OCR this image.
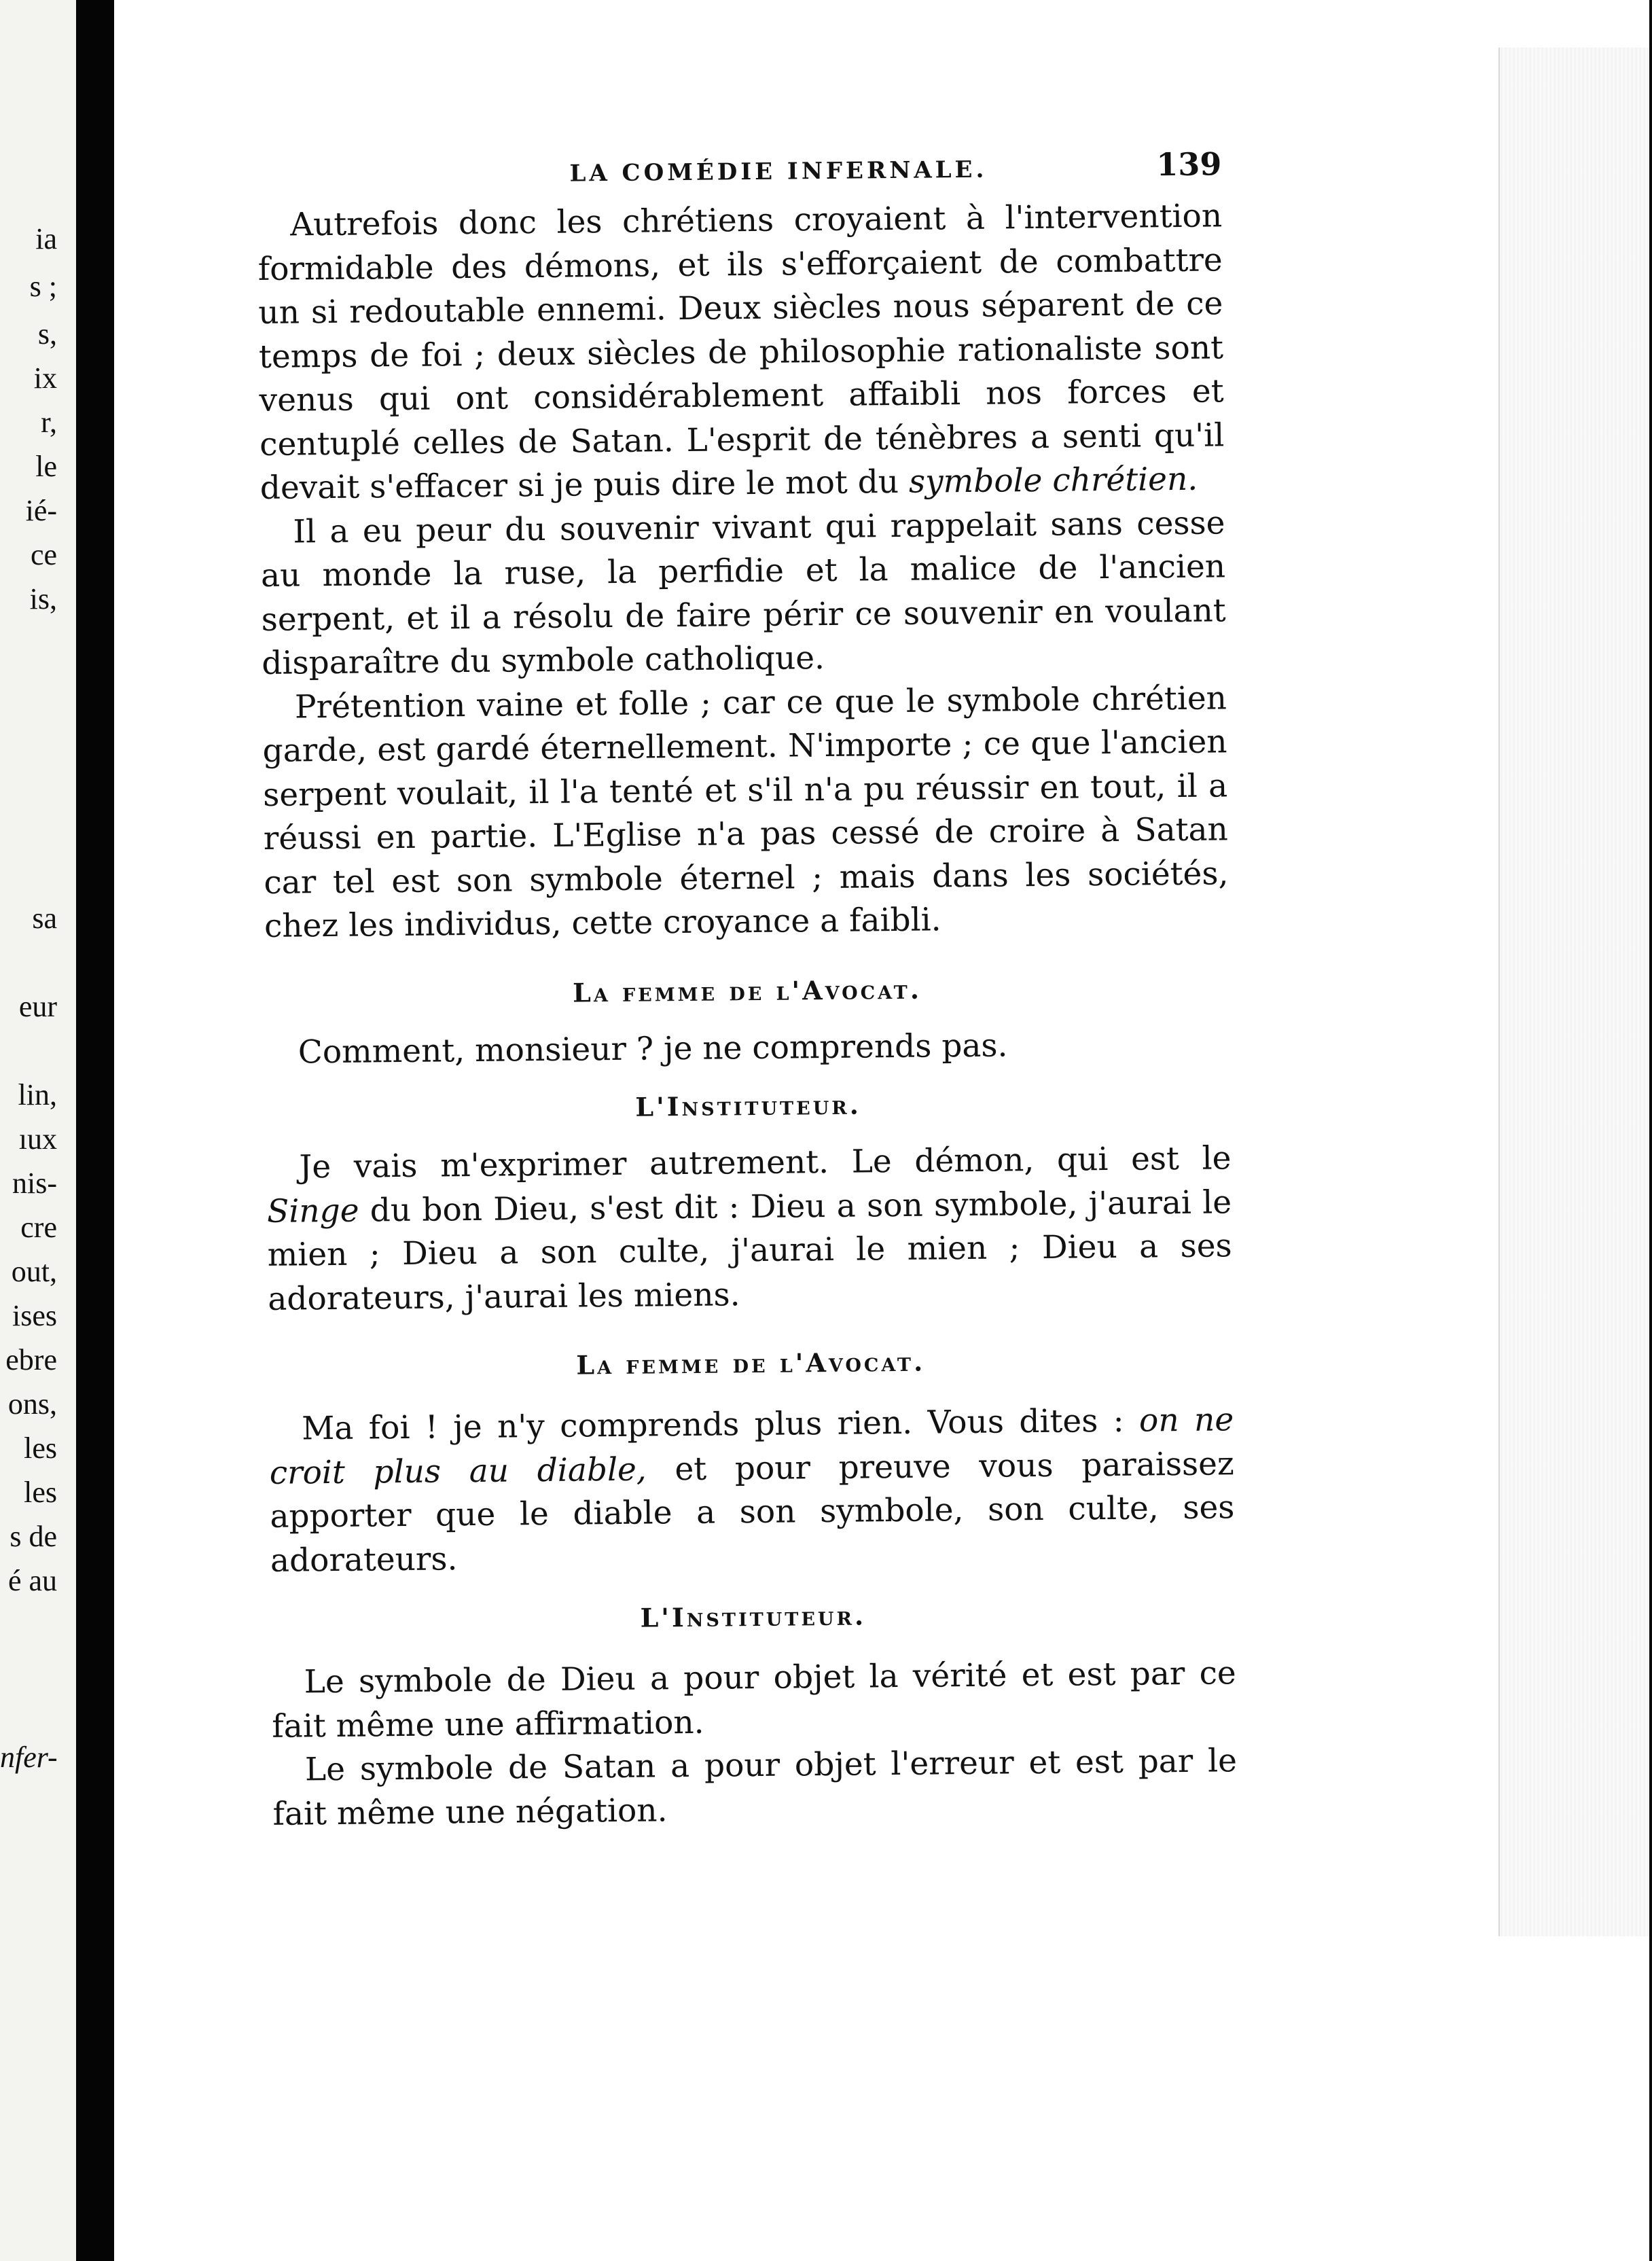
ia
s ;
s,
ix
r,
le
ié-
ce
is,
sa
eur
lin,
ıux
nis-
cre
out,
ises
ebre
ons,
les
les
s de
é au
nfer-
LA COMÉDIE INFERNALE.	139

Autrefois donc les chrétiens croyaient à l'intervention formidable des démons, et ils s'efforçaient de combattre un si redoutable ennemi. Deux siècles nous séparent de ce temps de foi ; deux siècles de philosophie rationaliste sont venus qui ont considérablement affaibli nos forces et centuplé celles de Satan. L'esprit de ténèbres a senti qu'il devait s'effacer si je puis dire le mot du symbole chrétien.

Il a eu peur du souvenir vivant qui rappelait sans cesse au monde la ruse, la perfidie et la malice de l'ancien serpent, et il a résolu de faire périr ce souvenir en voulant disparaître du symbole catholique.

Prétention vaine et folle ; car ce que le symbole chrétien garde, est gardé éternellement. N'importe ; ce que l'ancien serpent voulait, il l'a tenté et s'il n'a pu réussir en tout, il a réussi en partie. L'Eglise n'a pas cessé de croire à Satan car tel est son symbole éternel ; mais dans les sociétés, chez les individus, cette croyance a faibli.

La femme de l'Avocat.

Comment, monsieur ? je ne comprends pas.

L'Instituteur.

Je vais m'exprimer autrement. Le démon, qui est le Singe du bon Dieu, s'est dit : Dieu a son symbole, j'aurai le mien ; Dieu a son culte, j'aurai le mien ; Dieu a ses adorateurs, j'aurai les miens.

La femme de l'Avocat.

Ma foi ! je n'y comprends plus rien. Vous dites : on ne croit plus au diable, et pour preuve vous paraissez apporter que le diable a son symbole, son culte, ses adorateurs.

L'Instituteur.

Le symbole de Dieu a pour objet la vérité et est par ce fait même une affirmation.

Le symbole de Satan a pour objet l'erreur et est par le fait même une négation.
